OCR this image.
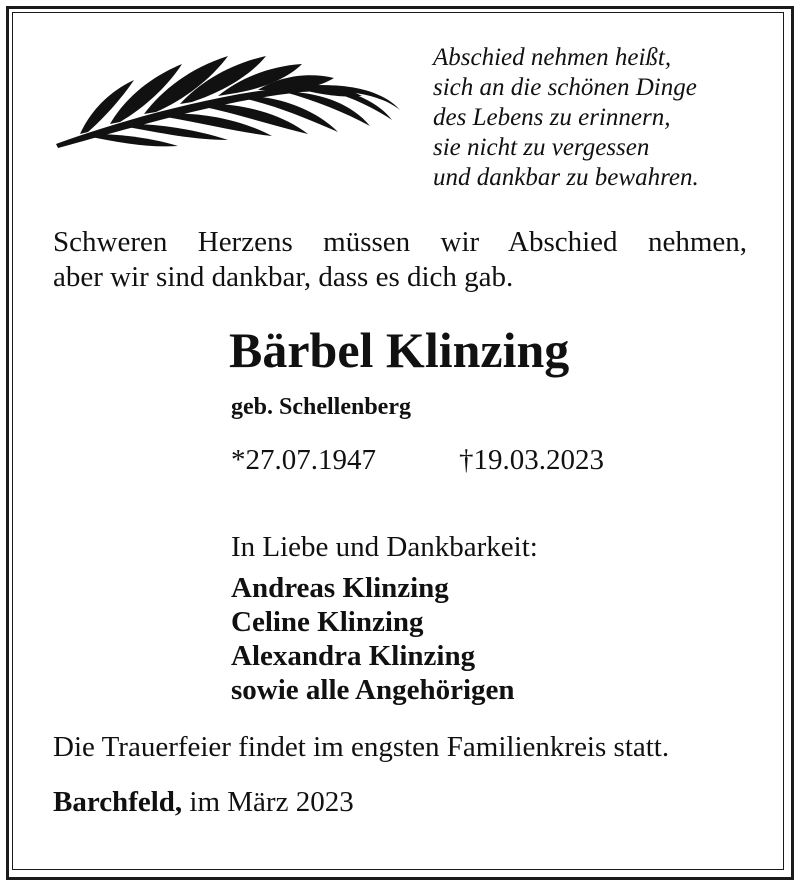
Abschied nehmen heißt,
sich an die schönen Dinge
des Lebens zu erinnern,
sie nicht zu vergessen
und dankbar zu bewahren.
Schweren Herzens müssen wir Abschied nehmen,
aber wir sind dankbar, dass es dich gab.
Bärbel Klinzing
geb. Schellenberg
*27.07.1947	†19.03.2023
In Liebe und Dankbarkeit:
Andreas Klinzing
Celine Klinzing
Alexandra Klinzing
sowie alle Angehörigen
Die Trauerfeier findet im engsten Familienkreis statt.
Barchfeld, im März 2023
